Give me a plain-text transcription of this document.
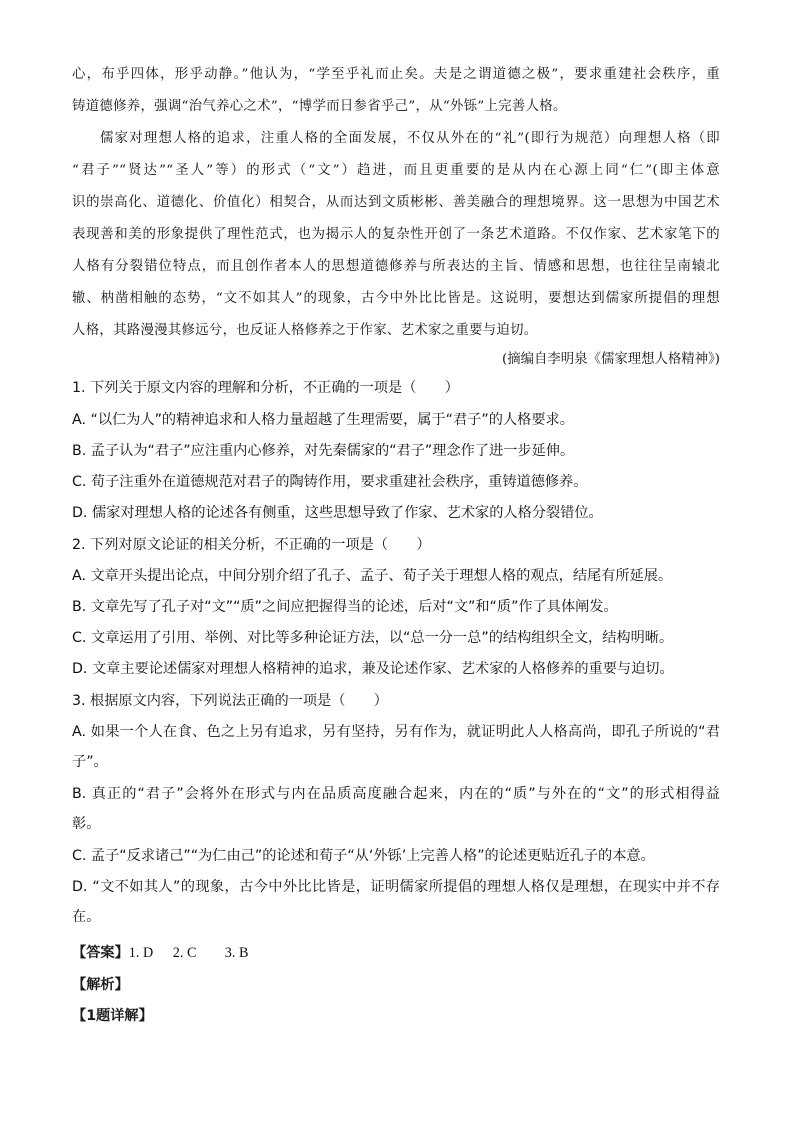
心，布乎四体，形乎动静。”他认为，“学至乎礼而止矣。夫是之谓道德之极”，要求重建社会秩序，重
铸道德修养，强调“治气养心之术”，“博学而日参省乎己”，从“外铄”上完善人格。
儒家对理想人格的追求，注重人格的全面发展，不仅从外在的“礼”(即行为规范）向理想人格（即
“君子”“贤达”“圣人”等）的形式（“文”）趋进，而且更重要的是从内在心源上同“仁”(即主体意
识的崇高化、道德化、价值化）相契合，从而达到文质彬彬、善美融合的理想境界。这一思想为中国艺术
表现善和美的形象提供了理性范式，也为揭示人的复杂性开创了一条艺术道路。不仅作家、艺术家笔下的
人格有分裂错位特点，而且创作者本人的思想道德修养与所表达的主旨、情感和思想，也往往呈南辕北
辙、枘凿相触的态势，“文不如其人”的现象，古今中外比比皆是。这说明，要想达到儒家所提倡的理想
人格，其路漫漫其修远兮，也反证人格修养之于作家、艺术家之重要与迫切。
(摘编自李明泉《儒家理想人格精神》)
1. 下列关于原文内容的理解和分析，不正确的一项是（　　）
A. “以仁为人”的精神追求和人格力量超越了生理需要，属于“君子”的人格要求。
B. 孟子认为“君子”应注重内心修养，对先秦儒家的“君子”理念作了进一步延伸。
C. 荀子注重外在道德规范对君子的陶铸作用，要求重建社会秩序，重铸道德修养。
D. 儒家对理想人格的论述各有侧重，这些思想导致了作家、艺术家的人格分裂错位。
2. 下列对原文论证的相关分析，不正确的一项是（　　）
A. 文章开头提出论点，中间分别介绍了孔子、孟子、荀子关于理想人格的观点，结尾有所延展。
B. 文章先写了孔子对“文”“质”之间应把握得当的论述，后对“文”和“质”作了具体阐发。
C. 文章运用了引用、举例、对比等多种论证方法，以“总一分一总”的结构组织全文，结构明晰。
D. 文章主要论述儒家对理想人格精神的追求，兼及论述作家、艺术家的人格修养的重要与迫切。
3. 根据原文内容，下列说法正确的一项是（　　）
A. 如果一个人在食、色之上另有追求，另有坚持，另有作为，就证明此人人格高尚，即孔子所说的“君
子”。
B. 真正的“君子”会将外在形式与内在品质高度融合起来，内在的“质”与外在的“文”的形式相得益
彰。
C. 孟子“反求诸己”“为仁由己”的论述和荀子“从‘外铄’上完善人格”的论述更贴近孔子的本意。
D. “文不如其人”的现象，古今中外比比皆是，证明儒家所提倡的理想人格仅是理想，在现实中并不存
在。
【答案】1. D 2. C 3. B
【解析】
【1题详解】
